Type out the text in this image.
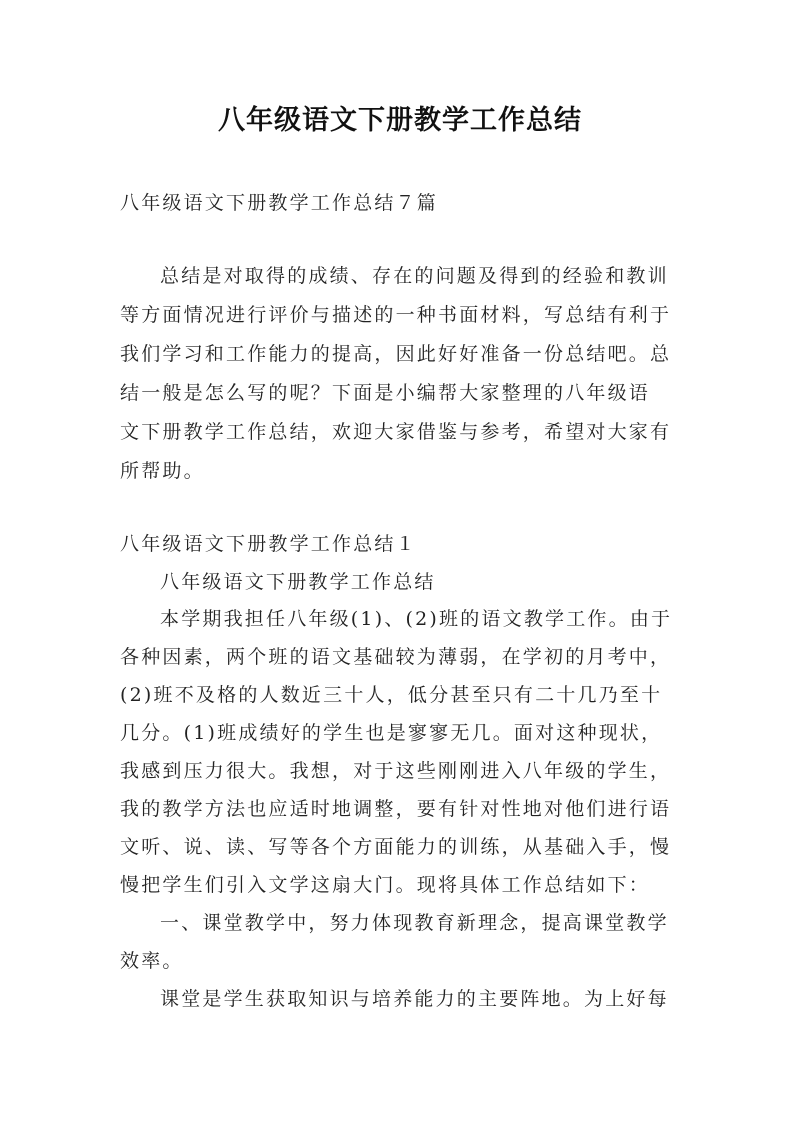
八年级语文下册教学工作总结
八年级语文下册教学工作总结７篇
总结是对取得的成绩、存在的问题及得到的经验和教训
等方面情况进行评价与描述的一种书面材料，写总结有利于
我们学习和工作能力的提高，因此好好准备一份总结吧。总
结一般是怎么写的呢？下面是小编帮大家整理的八年级语
文下册教学工作总结，欢迎大家借鉴与参考，希望对大家有
所帮助。
八年级语文下册教学工作总结１
八年级语文下册教学工作总结
本学期我担任八年级(1)、(2)班的语文教学工作。由于
各种因素，两个班的语文基础较为薄弱，在学初的月考中，
(2)班不及格的人数近三十人，低分甚至只有二十几乃至十
几分。(1)班成绩好的学生也是寥寥无几。面对这种现状，
我感到压力很大。我想，对于这些刚刚进入八年级的学生，
我的教学方法也应适时地调整，要有针对性地对他们进行语
文听、说、读、写等各个方面能力的训练，从基础入手，慢
慢把学生们引入文学这扇大门。现将具体工作总结如下：
一、课堂教学中，努力体现教育新理念，提高课堂教学
效率。
课堂是学生获取知识与培养能力的主要阵地。为上好每
